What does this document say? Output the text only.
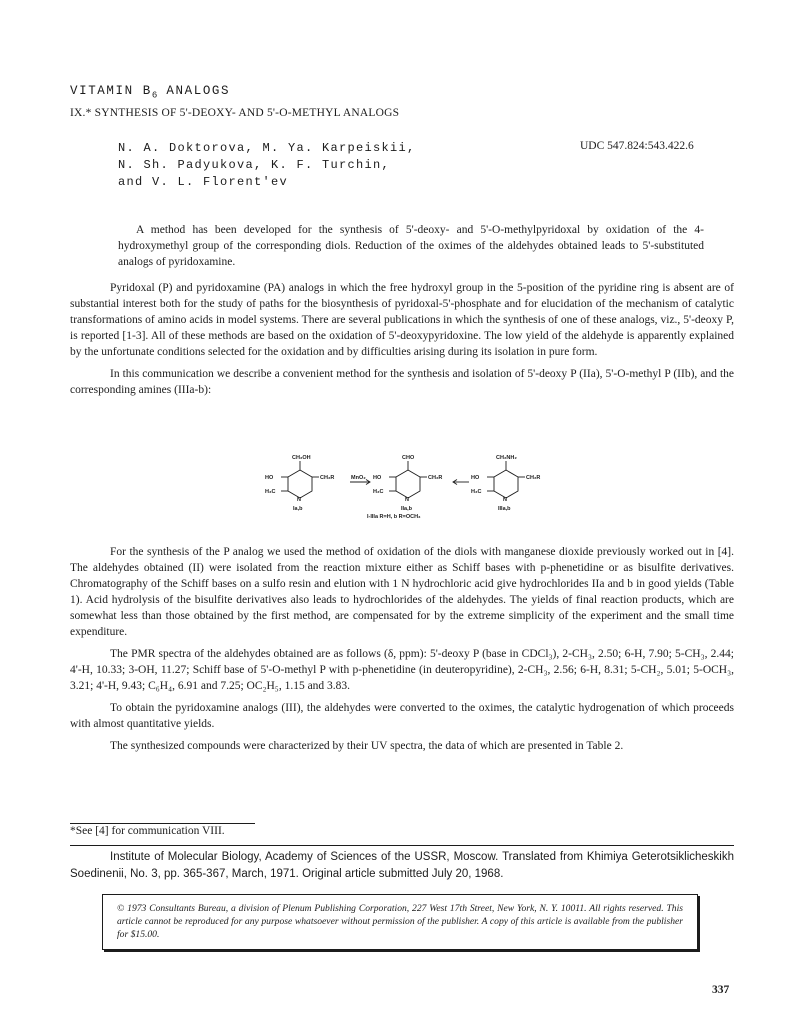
VITAMIN $B_6$ ANALOGS
IX.* SYNTHESIS OF 5'-DEOXY- AND 5'-O-METHYL ANALOGS
N. A. Doktorova, M. Ya. Karpeiskii,
N. Sh. Padyukova, K. F. Turchin,
and V. L. Florent'ev
UDC 547.824:543.422.6

A method has been developed for the synthesis of 5'-deoxy- and 5'-O-methylpyridoxal by oxidation of the 4-hydroxymethyl group of the corresponding diols. Reduction of the oximes of the aldehydes obtained leads to 5'-substituted analogs of pyridoxamine.

Pyridoxal (P) and pyridoxamine (PA) analogs in which the free hydroxyl group in the 5-position of the pyridine ring is absent are of substantial interest both for the study of paths for the biosynthesis of pyridoxal-5'-phosphate and for elucidation of the mechanism of catalytic transformations of amino acids in model systems. There are several publications in which the synthesis of one of these analogs, viz., 5'-deoxy P, is reported [1-3]. All of these methods are based on the oxidation of 5'-deoxypyridoxine. The low yield of the aldehyde is apparently explained by the unfortunate conditions selected for the oxidation and by difficulties arising during its isolation in pure form.

In this communication we describe a convenient method for the synthesis and isolation of 5'-deoxy P (IIa), 5'-O-methyl P (IIb), and the corresponding amines (IIIa-b):

CH₂OH
HO	CH₂R
H₃C
N
Ia,b
MnO₂
CHO
HO	CH₂R
H₃C
N
IIa,b
I-IIIa R=H, b R=OCH₃
CH₂NH₂
HO	CH₂R
H₃C
N
IIIa,b

For the synthesis of the P analog we used the method of oxidation of the diols with manganese dioxide previously worked out in [4]. The aldehydes obtained (II) were isolated from the reaction mixture either as Schiff bases with p-phenetidine or as bisulfite derivatives. Chromatography of the Schiff bases on a sulfo resin and elution with 1 N hydrochloric acid give hydrochlorides IIa and b in good yields (Table 1). Acid hydrolysis of the bisulfite derivatives also leads to hydrochlorides of the aldehydes. The yields of final reaction products, which are somewhat less than those obtained by the first method, are compensated for by the extreme simplicity of the experiment and the small time expenditure.

The PMR spectra of the aldehydes obtained are as follows (δ, ppm): 5'-deoxy P (base in CDCl₃), 2-CH₃, 2.50; 6-H, 7.90; 5-CH₃, 2.44; 4'-H, 10.33; 3-OH, 11.27; Schiff base of 5'-O-methyl P with p-phenetidine (in deuteropyridine), 2-CH₃, 2.56; 6-H, 8.31; 5-CH₂, 5.01; 5-OCH₃, 3.21; 4'-H, 9.43; C₆H₄, 6.91 and 7.25; OC₂H₅, 1.15 and 3.83.

To obtain the pyridoxamine analogs (III), the aldehydes were converted to the oximes, the catalytic hydrogenation of which proceeds with almost quantitative yields.

The synthesized compounds were characterized by their UV spectra, the data of which are presented in Table 2.

*See [4] for communication VIII.

Institute of Molecular Biology, Academy of Sciences of the USSR, Moscow. Translated from Khimiya Geterotsiklicheskikh Soedinenii, No. 3, pp. 365-367, March, 1971. Original article submitted July 20, 1968.

© 1973 Consultants Bureau, a division of Plenum Publishing Corporation, 227 West 17th Street, New York, N. Y. 10011. All rights reserved. This article cannot be reproduced for any purpose whatsoever without permission of the publisher. A copy of this article is available from the publisher for $15.00.
337
